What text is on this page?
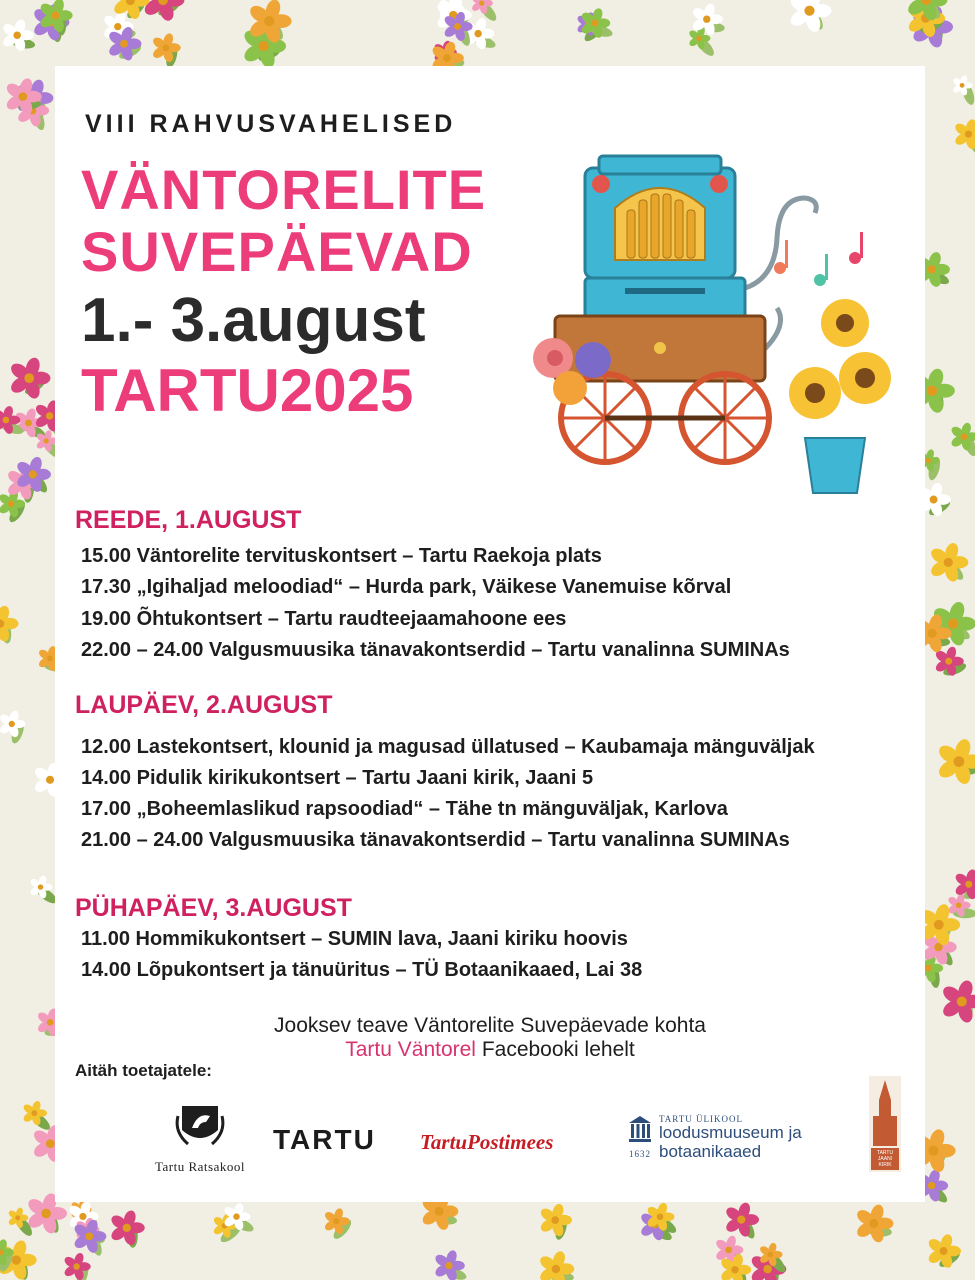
VIII RAHVUSVAHELISED
VÄNTORELITE
SUVEPÄEVAD
1.- 3.august
TARTU2025
REEDE, 1.AUGUST
15.00 Väntorelite tervituskontsert – Tartu Raekoja plats
17.30 „Igihaljad meloodiad“ – Hurda park, Väikese Vanemuise kõrval
19.00 Õhtukontsert – Tartu raudteejaamahoone ees
22.00 – 24.00 Valgusmuusika tänavakontserdid – Tartu vanalinna SUMINAs
LAUPÄEV, 2.AUGUST
12.00 Lastekontsert, klounid ja magusad üllatused – Kaubamaja mänguväljak
14.00 Pidulik kirikukontsert – Tartu Jaani kirik, Jaani 5
17.00 „Boheemlaslikud rapsoodiad“ – Tähe tn mänguväljak, Karlova
21.00 – 24.00 Valgusmuusika tänavakontserdid – Tartu vanalinna SUMINAs
PÜHAPÄEV, 3.AUGUST
11.00 Hommikukontsert – SUMIN lava, Jaani kiriku hoovis
14.00 Lõpukontsert ja tänuüritus – TÜ Botaanikaaed, Lai 38
Jooksev teave Väntorelite Suvepäevade kohta
Tartu Väntorel Facebooki lehelt
Aitäh toetajatele:
Tartu Ratsakool
TARTU TartuPostimees	1632
TARTU ÜLIKOOL
loodusmuuseum ja
botaanikaaed	TARTU JAANI KIRIK
